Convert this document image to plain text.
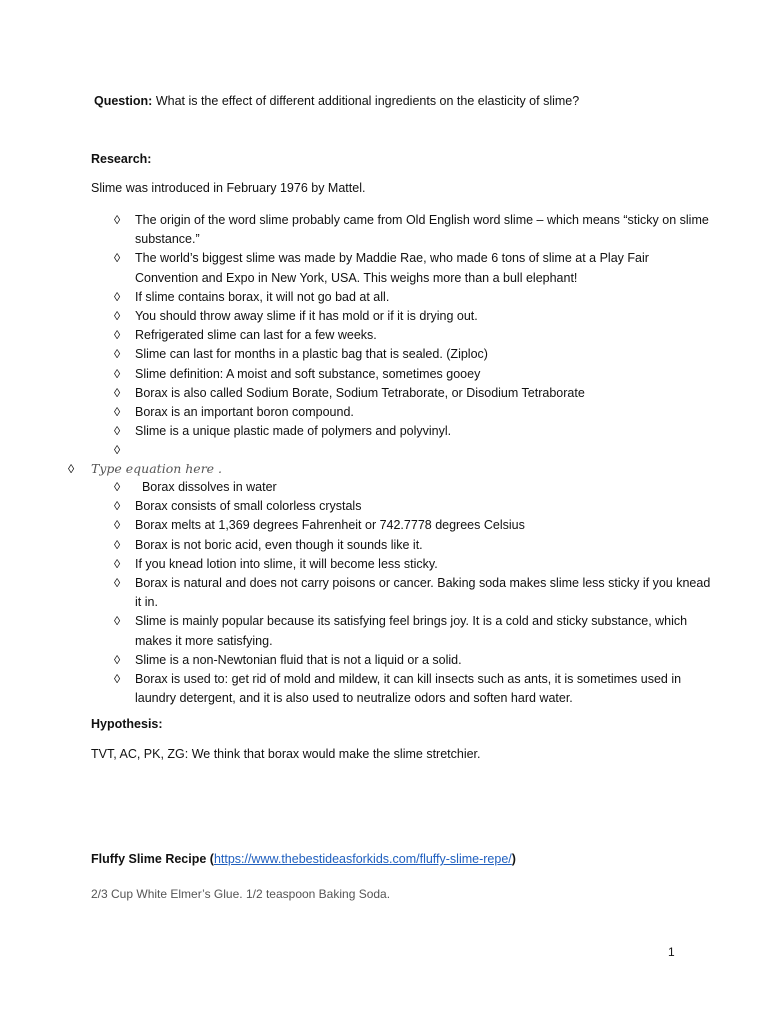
Question: What is the effect of different additional ingredients on the elasticity of slime?
Research:
Slime was introduced in February 1976 by Mattel.
◊ The origin of the word slime probably came from Old English word slime – which means “sticky on slime substance.”
◊ The world’s biggest slime was made by Maddie Rae, who made 6 tons of slime at a Play Fair Convention and Expo in New York, USA. This weighs more than a bull elephant!
◊ If slime contains borax, it will not go bad at all.
◊ You should throw away slime if it has mold or if it is drying out.
◊ Refrigerated slime can last for a few weeks.
◊ Slime can last for months in a plastic bag that is sealed. (Ziploc)
◊ Slime definition: A moist and soft substance, sometimes gooey
◊ Borax is also called Sodium Borate, Sodium Tetraborate, or Disodium Tetraborate
◊ Borax is an important boron compound.
◊ Slime is a unique plastic made of polymers and polyvinyl.
◊

◊ Type equation here .
◊ Borax dissolves in water
◊ Borax consists of small colorless crystals
◊ Borax melts at 1,369 degrees Fahrenheit or 742.7778 degrees Celsius
◊ Borax is not boric acid, even though it sounds like it.
◊ If you knead lotion into slime, it will become less sticky.
◊ Borax is natural and does not carry poisons or cancer. Baking soda makes slime less sticky if you knead it in.
◊ Slime is mainly popular because its satisfying feel brings joy. It is a cold and sticky substance, which makes it more satisfying.
◊ Slime is a non-Newtonian fluid that is not a liquid or a solid.
◊ Borax is used to: get rid of mold and mildew, it can kill insects such as ants, it is sometimes used in laundry detergent, and it is also used to neutralize odors and soften hard water.
Hypothesis:
TVT, AC, PK, ZG: We think that borax would make the slime stretchier.
Fluffy Slime Recipe (https://www.thebestideasforkids.com/fluffy-slime-repe/)
2/3 Cup White Elmer’s Glue. 1/2 teaspoon Baking Soda.
1
